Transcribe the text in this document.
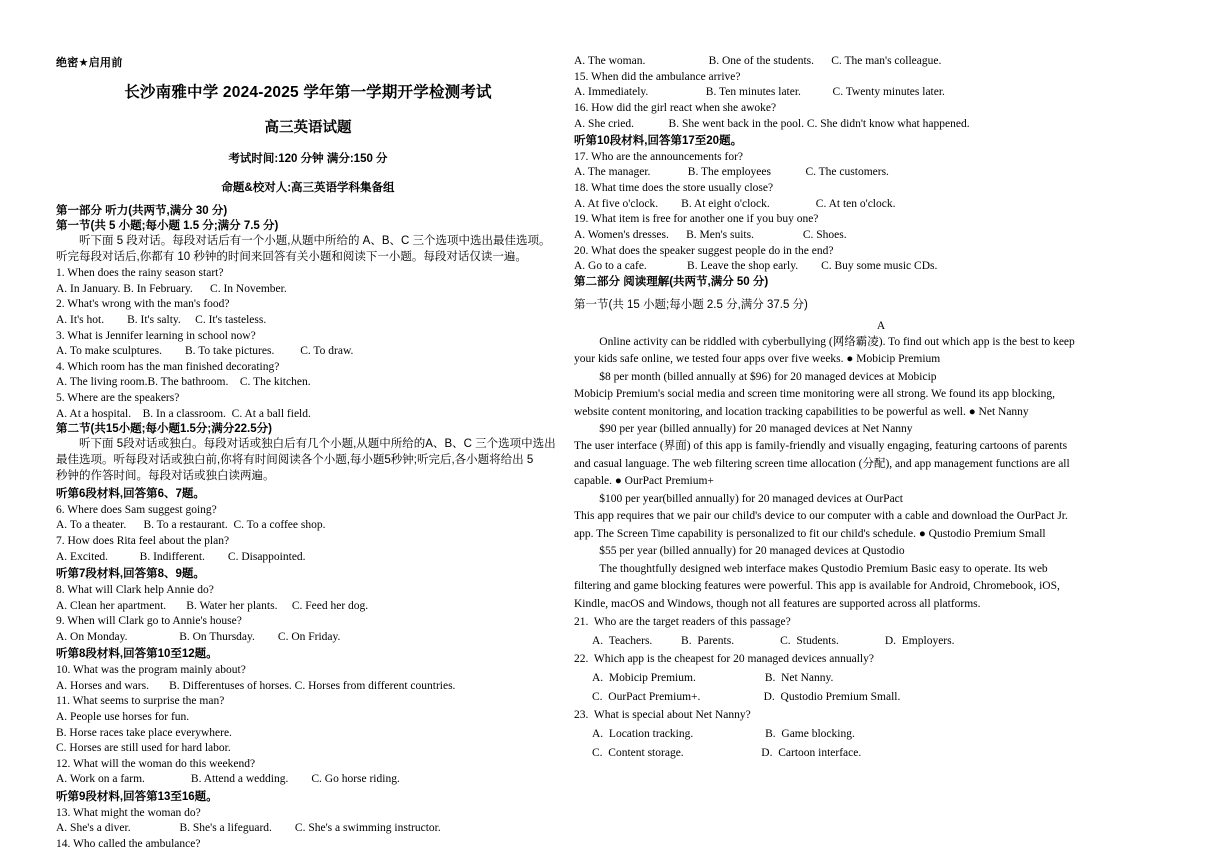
绝密★启用前
长沙南雅中学 2024-2025 学年第一学期开学检测考试
高三英语试题
考试时间:120 分钟 满分:150 分
命题&校对人:高三英语学科集备组
第一部分 听力(共两节,满分 30 分)
第一节(共 5 小题;每小题 1.5 分;满分 7.5 分)
听下面 5 段对话。每段对话后有一个小题,从题中所给的 A、B、C 三个选项中选出最佳选项。
听完每段对话后,你都有 10 秒钟的时间来回答有关小题和阅读下一小题。每段对话仅读一遍。
1. When does the rainy season start?
A. In January. B. In February.      C. In November.
2. What's wrong with the man's food?
A. It's hot.        B. It's salty.     C. It's tasteless.
3. What is Jennifer learning in school now?
A. To make sculptures.        B. To take pictures.         C. To draw.
4. Which room has the man finished decorating?
A. The living room.B. The bathroom.    C. The kitchen.
5. Where are the speakers?
A. At a hospital.    B. In a classroom.  C. At a ball field.
第二节(共15小题;每小题1.5分;满分22.5分)
听下面 5段对话或独白。每段对话或独白后有几个小题,从题中所给的A、B、C 三个选项中选出
最佳选项。听每段对话或独白前,你将有时间阅读各个小题,每小题5秒钟;听完后,各小题将给出 5
秒钟的作答时间。每段对话或独白读两遍。
听第6段材料,回答第6、7题。
6. Where does Sam suggest going?
A. To a theater.      B. To a restaurant.  C. To a coffee shop.
7. How does Rita feel about the plan?
A. Excited.           B. Indifferent.        C. Disappointed.
听第7段材料,回答第8、9题。
8. What will Clark help Annie do?
A. Clean her apartment.       B. Water her plants.     C. Feed her dog.
9. When will Clark go to Annie's house?
A. On Monday.                  B. On Thursday.        C. On Friday.
听第8段材料,回答第10至12题。
10. What was the program mainly about?
A. Horses and wars.       B. Differentuses of horses. C. Horses from different countries.
11. What seems to surprise the man?
A. People use horses for fun.
B. Horse races take place everywhere.
C. Horses are still used for hard labor.
12. What will the woman do this weekend?
A. Work on a farm.                B. Attend a wedding.        C. Go horse riding.
听第9段材料,回答第13至16题。
13. What might the woman do?
A. She's a diver.                 B. She's a lifeguard.        C. She's a swimming instructor.
14. Who called the ambulance?
A. The woman.                      B. One of the students.      C. The man's colleague.
15. When did the ambulance arrive?
A. Immediately.                    B. Ten minutes later.           C. Twenty minutes later.
16. How did the girl react when she awoke?
A. She cried.            B. She went back in the pool. C. She didn't know what happened.
听第10段材料,回答第17至20题。
17. Who are the announcements for?
A. The manager.             B. The employees            C. The customers.
18. What time does the store usually close?
A. At five o'clock.        B. At eight o'clock.                C. At ten o'clock.
19. What item is free for another one if you buy one?
A. Women's dresses.      B. Men's suits.                 C. Shoes.
20. What does the speaker suggest people do in the end?
A. Go to a cafe.              B. Leave the shop early.        C. Buy some music CDs.
第二部分 阅读理解(共两节,满分 50 分)
第一节(共 15 小题;每小题 2.5 分,满分 37.5 分)
A
Online activity can be riddled with cyberbullying (网络霸凌). To find out which app is the best to keep
your kids safe online, we tested four apps over five weeks. ● Mobicip Premium
$8 per month (billed annually at $96) for 20 managed devices at Mobicip
Mobicip Premium's social media and screen time monitoring were all strong. We found its app blocking,
website content monitoring, and location tracking capabilities to be powerful as well. ● Net Nanny
$90 per year (billed annually) for 20 managed devices at Net Nanny
The user interface (界面) of this app is family-friendly and visually engaging, featuring cartoons of parents
and casual language. The web filtering screen time allocation (分配), and app management functions are all
capable. ● OurPact Premium+
$100 per year(billed annually) for 20 managed devices at OurPact
This app requires that we pair our child's device to our computer with a cable and download the OurPact Jr.
app. The Screen Time capability is personalized to fit our child's schedule. ● Qustodio Premium Small
$55 per year (billed annually) for 20 managed devices at Qustodio
The thoughtfully designed web interface makes Qustodio Premium Basic easy to operate. Its web
filtering and game blocking features were powerful. This app is available for Android, Chromebook, iOS,
Kindle, macOS and Windows, though not all features are supported across all platforms.
21.  Who are the target readers of this passage?
A.  Teachers.          B.  Parents.                C.  Students.                D.  Employers.
22.  Which app is the cheapest for 20 managed devices annually?
A.  Mobicip Premium.                        B.  Net Nanny.
C.  OurPact Premium+.                      D.  Qustodio Premium Small.
23.  What is special about Net Nanny?
A.  Location tracking.                         B.  Game blocking.
C.  Content storage.                           D.  Cartoon interface.
